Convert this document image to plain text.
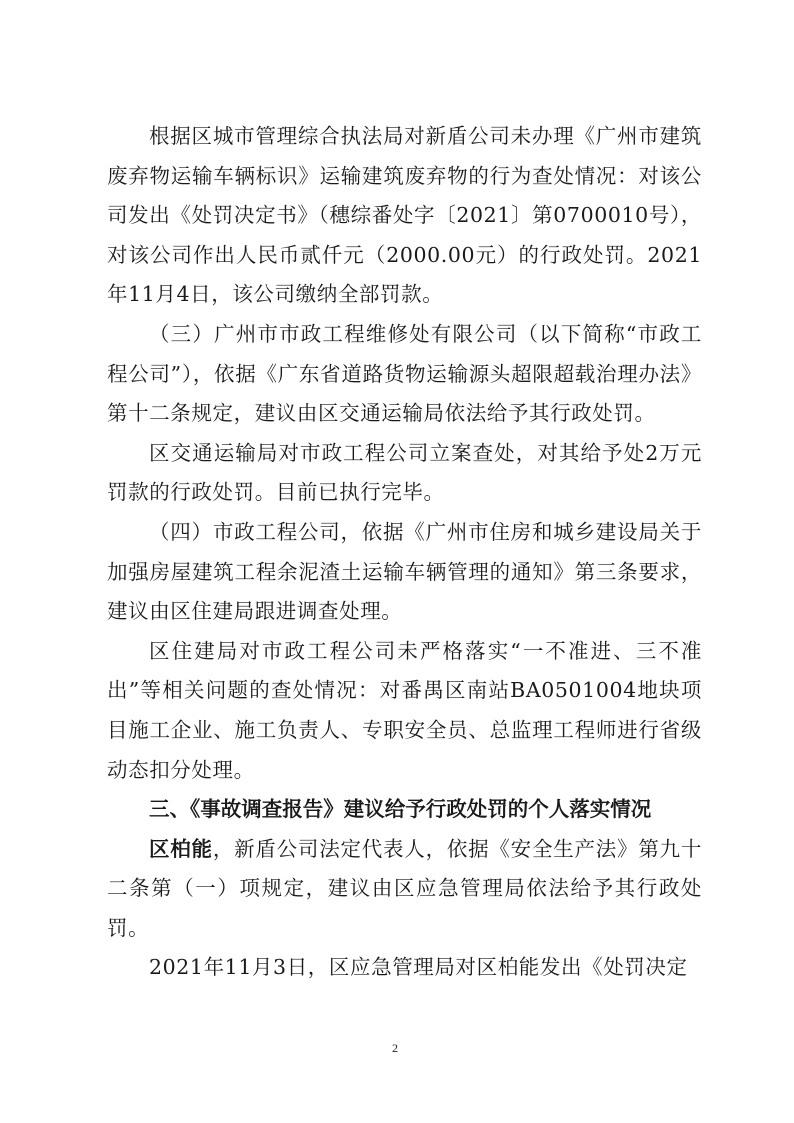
根据区城市管理综合执法局对新盾公司未办理《广州市建筑废弃物运输车辆标识》运输建筑废弃物的行为查处情况：对该公司发出《处罚决定书》（穗综番处字〔2021〕第0700010号），对该公司作出人民币贰仟元（2000.00元）的行政处罚。2021年11月4日，该公司缴纳全部罚款。

（三）广州市市政工程维修处有限公司（以下简称“市政工程公司”），依据《广东省道路货物运输源头超限超载治理办法》第十二条规定，建议由区交通运输局依法给予其行政处罚。

区交通运输局对市政工程公司立案查处，对其给予处2万元罚款的行政处罚。目前已执行完毕。

（四）市政工程公司，依据《广州市住房和城乡建设局关于加强房屋建筑工程余泥渣土运输车辆管理的通知》第三条要求，建议由区住建局跟进调查处理。

区住建局对市政工程公司未严格落实“一不准进、三不准出”等相关问题的查处情况：对番禺区南站BA0501004地块项目施工企业、施工负责人、专职安全员、总监理工程师进行省级动态扣分处理。

三、《事故调查报告》建议给予行政处罚的个人落实情况

区柏能，新盾公司法定代表人，依据《安全生产法》第九十二条第（一）项规定，建议由区应急管理局依法给予其行政处罚。

2021年11月3日，区应急管理局对区柏能发出《处罚决定

2
